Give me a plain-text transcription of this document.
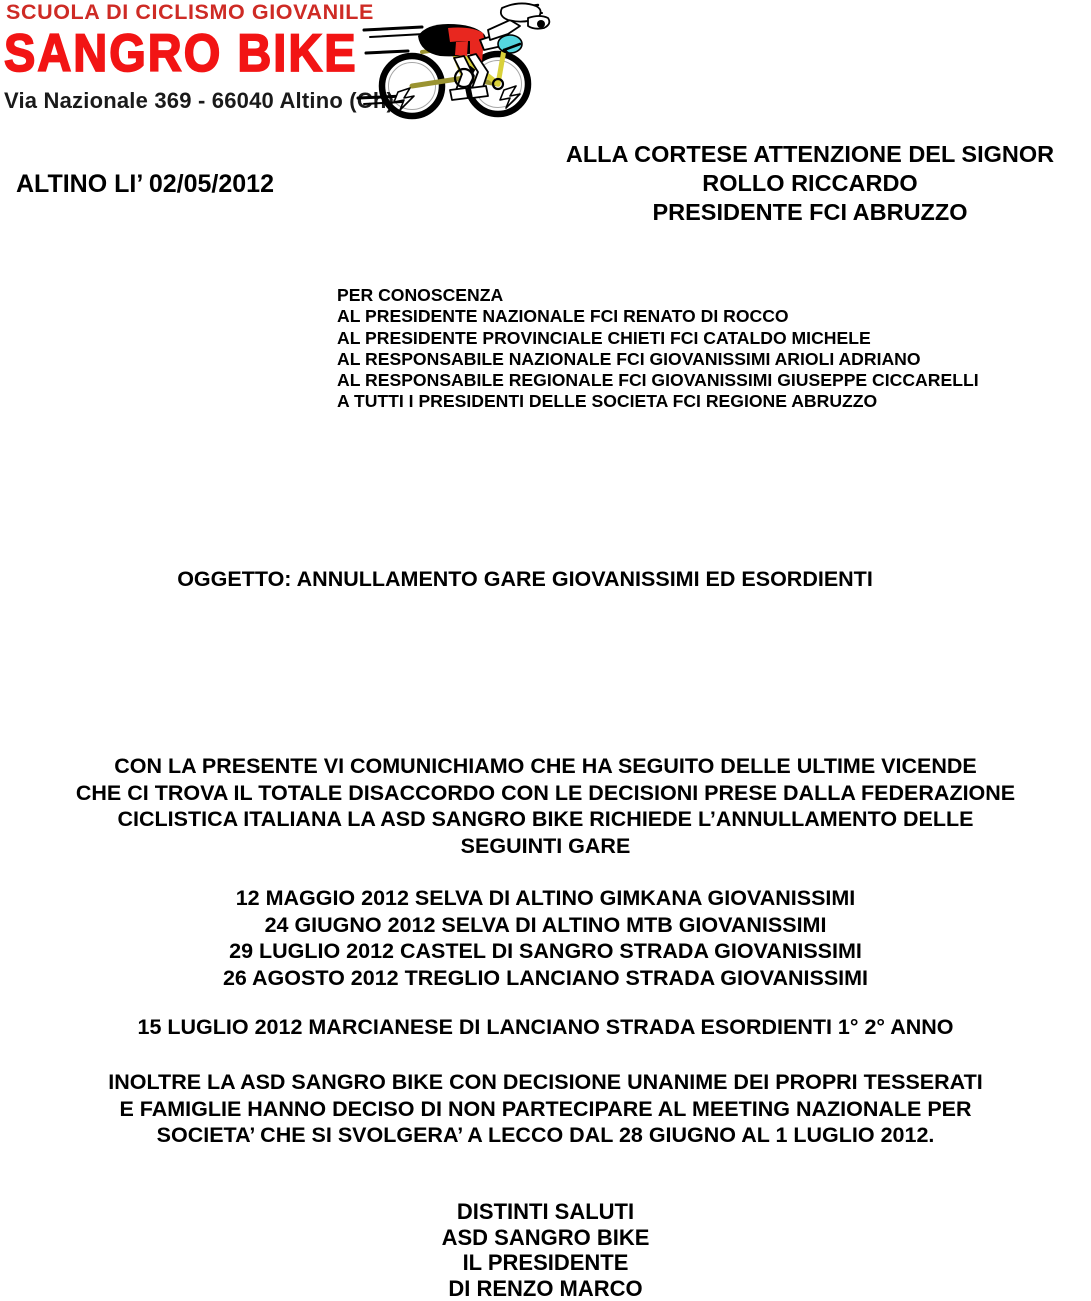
SCUOLA DI CICLISMO GIOVANILE
SANGRO BIKE
Via Nazionale 369 - 66040 Altino (Ch)
ALTINO LI’ 02/05/2012
ALLA CORTESE ATTENZIONE DEL SIGNOR
ROLLO RICCARDO
PRESIDENTE FCI ABRUZZO
PER CONOSCENZA
AL PRESIDENTE NAZIONALE FCI RENATO DI ROCCO
AL PRESIDENTE PROVINCIALE CHIETI FCI CATALDO MICHELE
AL RESPONSABILE NAZIONALE FCI GIOVANISSIMI ARIOLI ADRIANO
AL RESPONSABILE REGIONALE FCI GIOVANISSIMI GIUSEPPE CICCARELLI
A TUTTI I PRESIDENTI DELLE SOCIETA FCI REGIONE ABRUZZO
OGGETTO: ANNULLAMENTO GARE GIOVANISSIMI ED ESORDIENTI
CON LA PRESENTE VI COMUNICHIAMO CHE HA SEGUITO DELLE ULTIME VICENDE
CHE CI TROVA IL TOTALE DISACCORDO CON LE DECISIONI PRESE DALLA FEDERAZIONE
CICLISTICA ITALIANA LA ASD SANGRO BIKE RICHIEDE L’ANNULLAMENTO DELLE
SEGUINTI GARE
12 MAGGIO 2012 SELVA DI ALTINO GIMKANA GIOVANISSIMI
24 GIUGNO 2012 SELVA DI ALTINO MTB GIOVANISSIMI
29 LUGLIO 2012 CASTEL DI SANGRO STRADA GIOVANISSIMI
26 AGOSTO 2012 TREGLIO LANCIANO STRADA GIOVANISSIMI
15 LUGLIO 2012 MARCIANESE DI LANCIANO STRADA ESORDIENTI 1° 2° ANNO
INOLTRE LA ASD SANGRO BIKE CON DECISIONE UNANIME DEI PROPRI TESSERATI
E FAMIGLIE HANNO DECISO DI NON PARTECIPARE AL MEETING NAZIONALE PER
SOCIETA’ CHE SI SVOLGERA’ A LECCO DAL 28 GIUGNO AL 1 LUGLIO 2012.
DISTINTI SALUTI
ASD SANGRO BIKE
IL PRESIDENTE
DI RENZO MARCO
